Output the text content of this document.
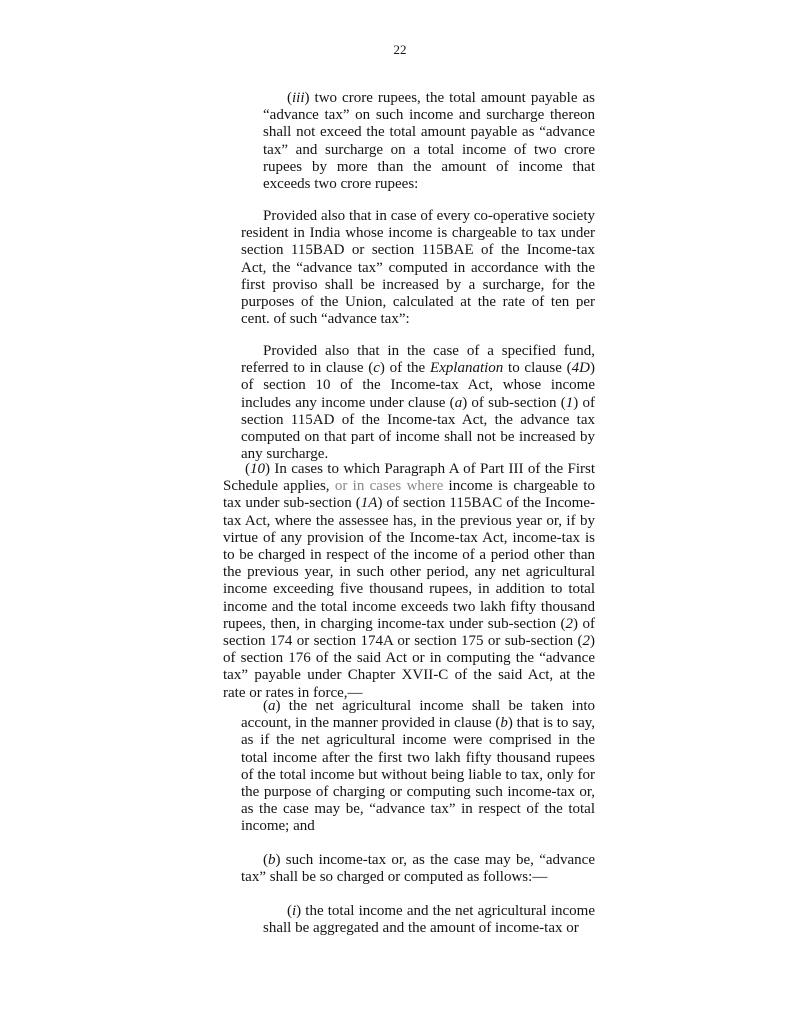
22

(iii) two crore rupees, the total amount payable as “advance tax” on such income and surcharge thereon shall not exceed the total amount payable as “advance tax” and surcharge on a total income of two crore rupees by more than the amount of income that exceeds two crore rupees:

Provided also that in case of every co-operative society resident in India whose income is chargeable to tax under section 115BAD or section 115BAE of the Income-tax Act, the “advance tax” computed in accordance with the first proviso shall be increased by a surcharge, for the purposes of the Union, calculated at the rate of ten per cent. of such “advance tax”:

Provided also that in the case of a specified fund, referred to in clause (c) of the Explanation to clause (4D) of section 10 of the Income-tax Act, whose income includes any income under clause (a) of sub-section (1) of section 115AD of the Income-tax Act, the advance tax computed on that part of income shall not be increased by any surcharge.

(10) In cases to which Paragraph A of Part III of the First Schedule applies, or in cases where income is chargeable to tax under sub-section (1A) of section 115BAC of the Income-tax Act, where the assessee has, in the previous year or, if by virtue of any provision of the Income-tax Act, income-tax is to be charged in respect of the income of a period other than the previous year, in such other period, any net agricultural income exceeding five thousand rupees, in addition to total income and the total income exceeds two lakh fifty thousand rupees, then, in charging income-tax under sub-section (2) of section 174 or section 174A or section 175 or sub-section (2) of section 176 of the said Act or in computing the “advance tax” payable under Chapter XVII-C of the said Act, at the rate or rates in force,—

(a) the net agricultural income shall be taken into account, in the manner provided in clause (b) that is to say, as if the net agricultural income were comprised in the total income after the first two lakh fifty thousand rupees of the total income but without being liable to tax, only for the purpose of charging or computing such income-tax or, as the case may be, “advance tax” in respect of the total income; and

(b) such income-tax or, as the case may be, “advance tax” shall be so charged or computed as follows:—

(i) the total income and the net agricultural income shall be aggregated and the amount of income-tax or
